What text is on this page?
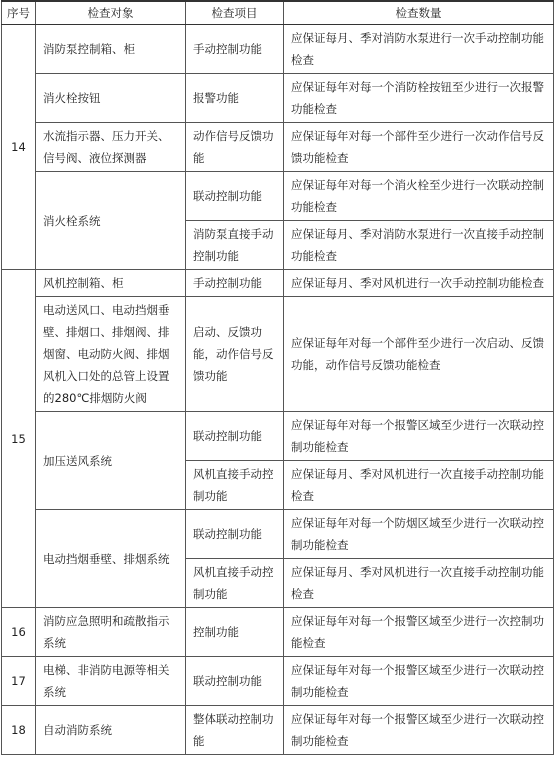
序号	检查对象	检查项目	检查数量
14	消防泵控制箱、柜	手动控制功能	应保证每月、季对消防水泵进行一次手动控制功能检查
	消火栓按钮	报警功能	应保证每年对每一个消防栓按钮至少进行一次报警功能检查
	水流指示器、压力开关、信号阀、液位探测器	动作信号反馈功能	应保证每年对每一个部件至少进行一次动作信号反馈功能检查
	消火栓系统	联动控制功能	应保证每年对每一个消火栓至少进行一次联动控制功能检查
		消防泵直接手动控制功能	应保证每月、季对消防水泵进行一次直接手动控制功能检查
15	风机控制箱、柜	手动控制功能	应保证每月、季对风机进行一次手动控制功能检查
	电动送风口、电动挡烟垂壁、排烟口、排烟阀、排烟窗、电动防火阀、排烟风机入口处的总管上设置的280℃排烟防火阀	启动、反馈功能，动作信号反馈功能	应保证每年对每一个部件至少进行一次启动、反馈功能，动作信号反馈功能检查
	加压送风系统	联动控制功能	应保证每年对每一个报警区域至少进行一次联动控制功能检查
		风机直接手动控制功能	应保证每月、季对风机进行一次直接手动控制功能检查
	电动挡烟垂壁、排烟系统	联动控制功能	应保证每年对每一个防烟区域至少进行一次联动控制功能检查
		风机直接手动控制功能	应保证每月、季对风机进行一次直接手动控制功能检查
16	消防应急照明和疏散指示系统	控制功能	应保证每年对每一个报警区域至少进行一次控制功能检查
17	电梯、非消防电源等相关系统	联动控制功能	应保证每年对每一个报警区域至少进行一次联动控制功能检查
18	自动消防系统	整体联动控制功能	应保证每年对每一个报警区域至少进行一次联动控制功能检查
